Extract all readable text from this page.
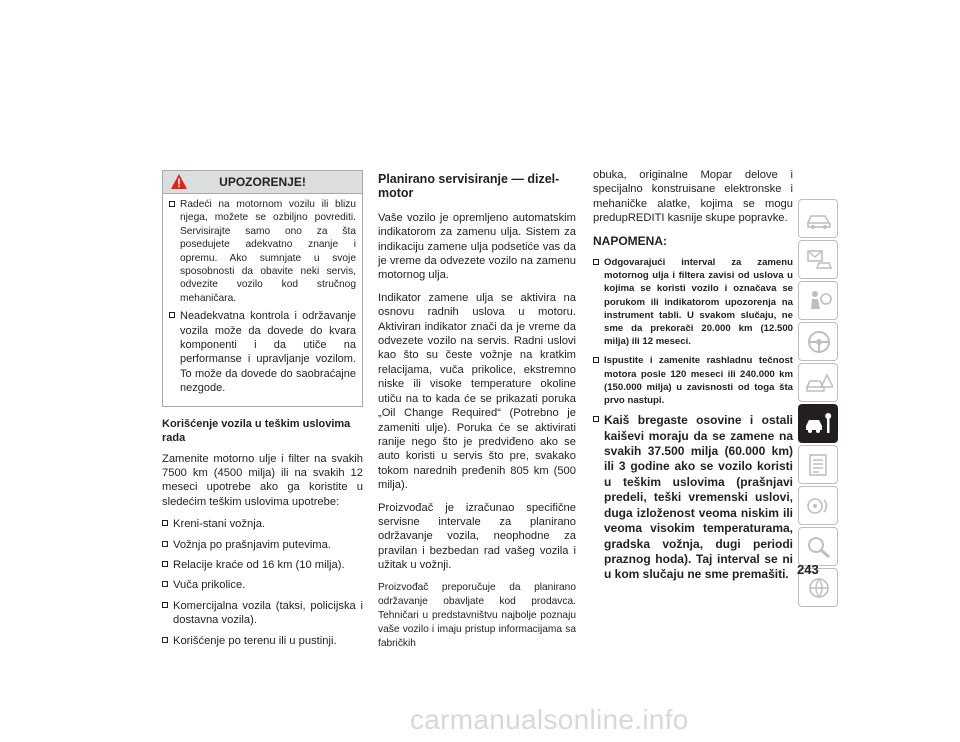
UPOZORENJE!
Radeći na motornom vozilu ili blizu njega, možete se ozbiljno povrediti. Servisirajte samo ono za šta posedujete adekvatno znanje i opremu. Ako sumnjate u svoje sposobnosti da obavite neki servis, odvezite vozilo kod stručnog mehaničara.
Neadekvatna kontrola i održavanje vozila može da dovede do kvara komponenti i da utiče na performanse i upravljanje vozilom. To može da dovede do saobraćajne nezgode.
Korišćenje vozila u teškim uslovima rada

Zamenite motorno ulje i filter na svakih 7500 km (4500 milja) ili na svakih 12 meseci upotrebe ako ga koristite u sledećim teškim uslovima upotrebe:

Kreni-stani vožnja.
Vožnja po prašnjavim putevima.
Relacije kraće od 16 km (10 milja).
Vuča prikolice.
Komercijalna vozila (taksi, policijska i dostavna vozila).
Korišćenje po terenu ili u pustinji.
Planirano servisiranje — dizel-motor

Vaše vozilo je opremljeno automatskim indikatorom za zamenu ulja. Sistem za indikaciju zamene ulja podsetiće vas da je vreme da odvezete vozilo na zamenu motornog ulja.

Indikator zamene ulja se aktivira na osnovu radnih uslova u motoru. Aktiviran indikator znači da je vreme da odvezete vozilo na servis. Radni uslovi kao što su česte vožnje na kratkim relacijama, vuča prikolice, ekstremno niske ili visoke temperature okoline utiču na to kada će se prikazati poruka „Oil Change Required“ (Potrebno je zameniti ulje). Poruka će se aktivirati ranije nego što je predviđeno ako se auto koristi u servis što pre, svakako tokom narednih pređenih 805 km (500 milja).

Proizvođač je izračunao specifične servisne intervale za planirano održavanje vozila, neophodne za pravilan i bezbedan rad vašeg vozila i užitak u vožnji.

Proizvođač preporučuje da planirano održavanje obavljate kod prodavca. Tehničari u predstavništvu najbolje poznaju vaše vozilo i imaju pristup informacijama sa fabričkih

obuka, originalne Mopar delove i specijalno konstruisane elektronske i mehaničke alatke, kojima se mogu predupREDITI kasnije skupe popravke.

NAPOMENA:
Odgovarajući interval za zamenu motornog ulja i filtera zavisi od uslova u kojima se koristi vozilo i označava se porukom ili indikatorom upozorenja na instrument tabli. U svakom slučaju, ne sme da prekorači 20.000 km (12.500 milja) ili 12 meseci.
Ispustite i zamenite rashladnu tečnost motora posle 120 meseci ili 240.000 km (150.000 milja) u zavisnosti od toga šta prvo nastupi.
Kaiš bregaste osovine i ostali kaiševi moraju da se zamene na svakih 37.500 milja (60.000 km) ili 3 godine ako se vozilo koristi u teškim uslovima (prašnjavi predeli, teški vremenski uslovi, duga izloženost veoma niskim ili veoma visokim temperaturama, gradska vožnja, dugi periodi praznog hoda). Taj interval se ni u kom slučaju ne sme premašiti. 243
carmanualsonline.info
